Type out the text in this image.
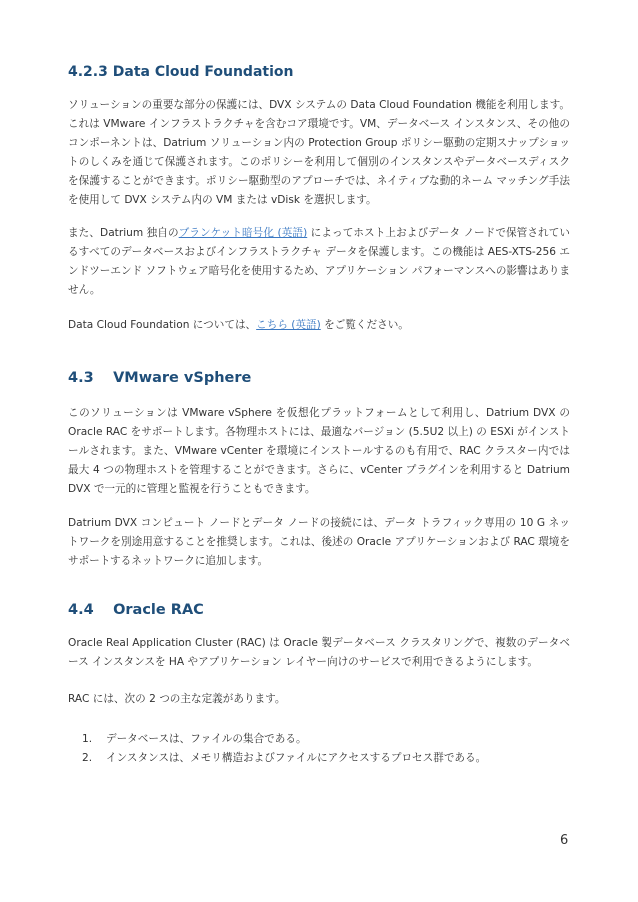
4.2.3 Data Cloud Foundation

ソリューションの重要な部分の保護には、DVX システムの Data Cloud Foundation 機能を利用します。これは VMware インフラストラクチャを含むコア環境です。VM、データベース インスタンス、その他のコンポーネントは、Datrium ソリューション内の Protection Group ポリシー駆動の定期スナップショットのしくみを通じて保護されます。このポリシーを利用して個別のインスタンスやデータベースディスクを保護することができます。ポリシー駆動型のアプローチでは、ネイティブな動的ネーム マッチング手法を使用して DVX システム内の VM または vDisk を選択します。

また、Datrium 独自のブランケット暗号化 (英語) によってホスト上およびデータ ノードで保管されているすべてのデータベースおよびインフラストラクチャ データを保護します。この機能は AES-XTS-256 エンドツーエンド ソフトウェア暗号化を使用するため、アプリケーション パフォーマンスへの影響はありません。

Data Cloud Foundation については、こちら (英語) をご覧ください。

4.3 VMware vSphere

このソリューションは VMware vSphere を仮想化プラットフォームとして利用し、Datrium DVX の Oracle RAC をサポートします。各物理ホストには、最適なバージョン (5.5U2 以上) の ESXi がインストールされます。また、VMware vCenter を環境にインストールするのも有用で、RAC クラスター内では最大 4 つの物理ホストを管理することができます。さらに、vCenter プラグインを利用すると Datrium DVX で一元的に管理と監視を行うこともできます。

Datrium DVX コンピュート ノードとデータ ノードの接続には、データ トラフィック専用の 10 G ネットワークを別途用意することを推奨します。これは、後述の Oracle アプリケーションおよび RAC 環境をサポートするネットワークに追加します。

4.4 Oracle RAC

Oracle Real Application Cluster (RAC) は Oracle 製データベース クラスタリングで、複数のデータベース インスタンスを HA やアプリケーション レイヤー向けのサービスで利用できるようにします。

RAC には、次の 2 つの主な定義があります。

1. データベースは、ファイルの集合である。
2. インスタンスは、メモリ構造およびファイルにアクセスするプロセス群である。
6
